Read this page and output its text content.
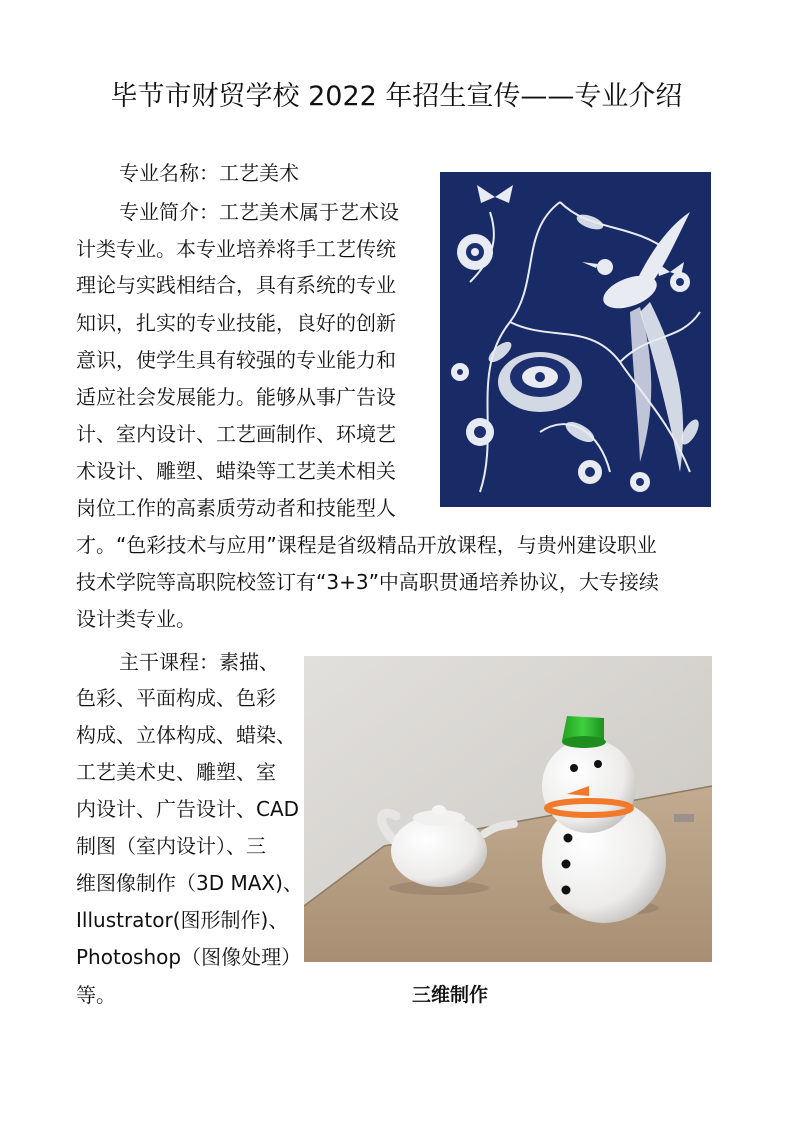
毕节市财贸学校 2022 年招生宣传——专业介绍
专业名称：工艺美术
专业简介：工艺美术属于艺术设
计类专业。本专业培养将手工艺传统
理论与实践相结合，具有系统的专业
知识，扎实的专业技能，良好的创新
意识，使学生具有较强的专业能力和
适应社会发展能力。能够从事广告设
计、室内设计、工艺画制作、环境艺
术设计、雕塑、蜡染等工艺美术相关
岗位工作的高素质劳动者和技能型人
才。“色彩技术与应用”课程是省级精品开放课程，与贵州建设职业
技术学院等高职院校签订有“3+3”中高职贯通培养协议，大专接续
设计类专业。
主干课程：素描、
色彩、平面构成、色彩
构成、立体构成、蜡染、
工艺美术史、雕塑、室
内设计、广告设计、CAD
制图（室内设计）、三
维图像制作（3D MAX)、
Illustrator(图形制作)、
Photoshop（图像处理）
等。	三维制作
